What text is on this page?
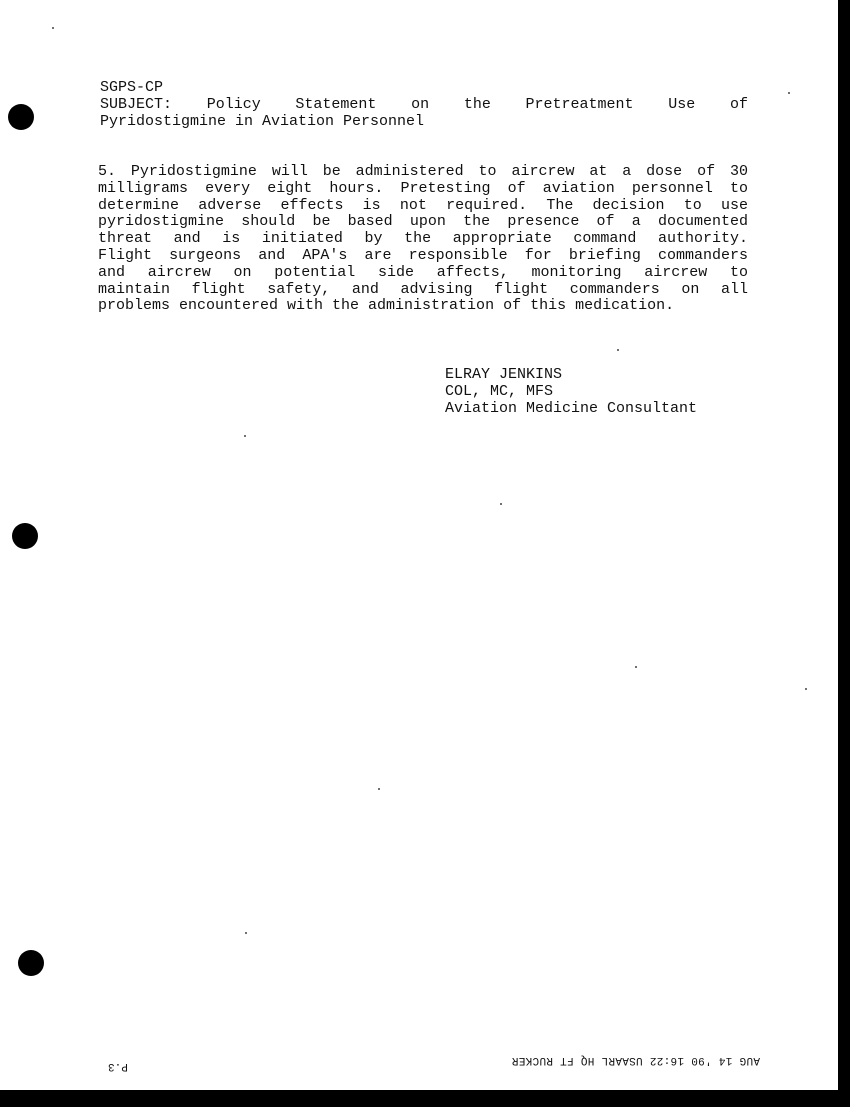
SGPS-CP
SUBJECT: Policy Statement on the Pretreatment Use of
Pyridostigmine in Aviation Personnel
5. Pyridostigmine will be administered to aircrew at a dose of 30
milligrams every eight hours. Pretesting of aviation personnel to
determine adverse effects is not required. The decision to use
pyridostigmine should be based upon the presence of a documented
threat and is initiated by the appropriate command authority.
Flight surgeons and APA's are responsible for briefing commanders
and aircrew on potential side affects, monitoring aircrew to
maintain flight safety, and advising flight commanders on all
problems encountered with the administration of this medication.
ELRAY JENKINS
COL, MC, MFS
Aviation Medicine Consultant
P.3	AUG 14 '90 16:22 USAARL HQ FT RUCKER
